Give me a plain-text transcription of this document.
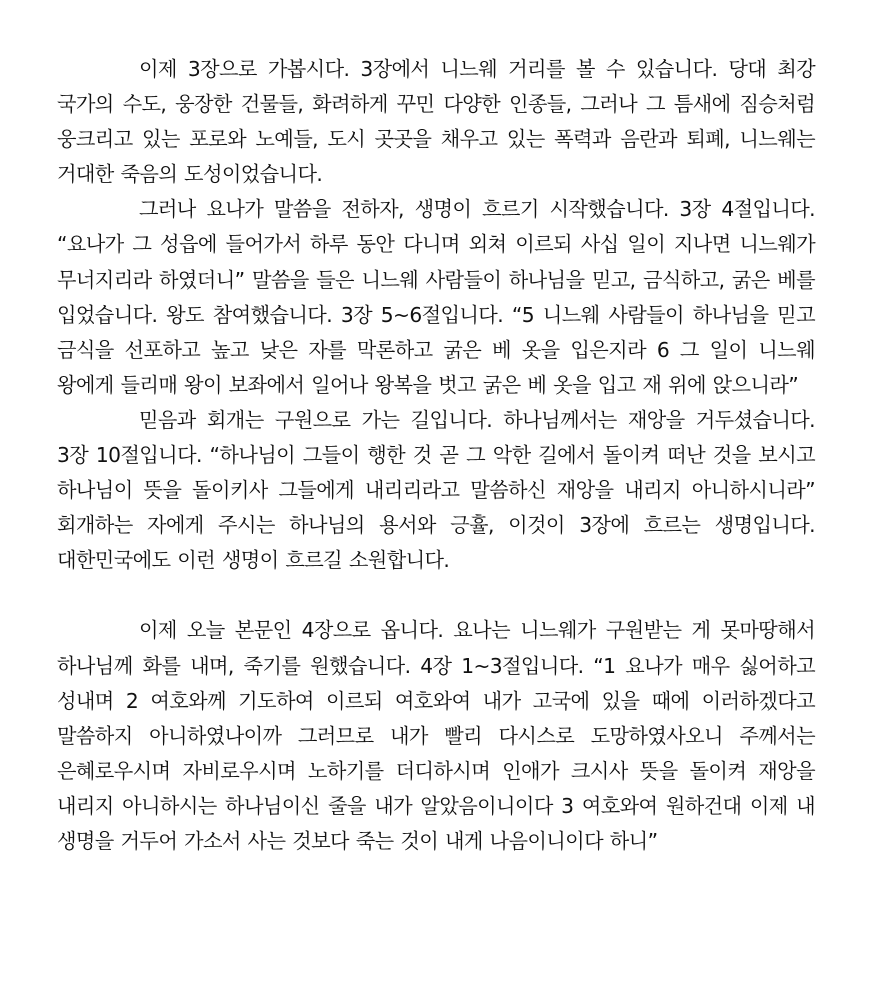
이제 3장으로 가봅시다. 3장에서 니느웨 거리를 볼 수 있습니다. 당대 최강 국가의 수도, 웅장한 건물들, 화려하게 꾸민 다양한 인종들, 그러나 그 틈새에 짐승처럼 웅크리고 있는 포로와 노예들, 도시 곳곳을 채우고 있는 폭력과 음란과 퇴폐, 니느웨는 거대한 죽음의 도성이었습니다.

그러나 요나가 말씀을 전하자, 생명이 흐르기 시작했습니다. 3장 4절입니다. “요나가 그 성읍에 들어가서 하루 동안 다니며 외쳐 이르되 사십 일이 지나면 니느웨가 무너지리라 하였더니” 말씀을 들은 니느웨 사람들이 하나님을 믿고, 금식하고, 굵은 베를 입었습니다. 왕도 참여했습니다. 3장 5~6절입니다. “5 니느웨 사람들이 하나님을 믿고 금식을 선포하고 높고 낮은 자를 막론하고 굵은 베 옷을 입은지라 6 그 일이 니느웨 왕에게 들리매 왕이 보좌에서 일어나 왕복을 벗고 굵은 베 옷을 입고 재 위에 앉으니라”

믿음과 회개는 구원으로 가는 길입니다. 하나님께서는 재앙을 거두셨습니다. 3장 10절입니다. “하나님이 그들이 행한 것 곧 그 악한 길에서 돌이켜 떠난 것을 보시고 하나님이 뜻을 돌이키사 그들에게 내리리라고 말씀하신 재앙을 내리지 아니하시니라” 회개하는 자에게 주시는 하나님의 용서와 긍휼, 이것이 3장에 흐르는 생명입니다. 대한민국에도 이런 생명이 흐르길 소원합니다.

이제 오늘 본문인 4장으로 옵니다. 요나는 니느웨가 구원받는 게 못마땅해서 하나님께 화를 내며, 죽기를 원했습니다. 4장 1~3절입니다. “1 요나가 매우 싫어하고 성내며 2 여호와께 기도하여 이르되 여호와여 내가 고국에 있을 때에 이러하겠다고 말씀하지 아니하였나이까 그러므로 내가 빨리 다시스로 도망하였사오니 주께서는 은혜로우시며 자비로우시며 노하기를 더디하시며 인애가 크시사 뜻을 돌이켜 재앙을 내리지 아니하시는 하나님이신 줄을 내가 알았음이니이다 3 여호와여 원하건대 이제 내 생명을 거두어 가소서 사는 것보다 죽는 것이 내게 나음이니이다 하니”
